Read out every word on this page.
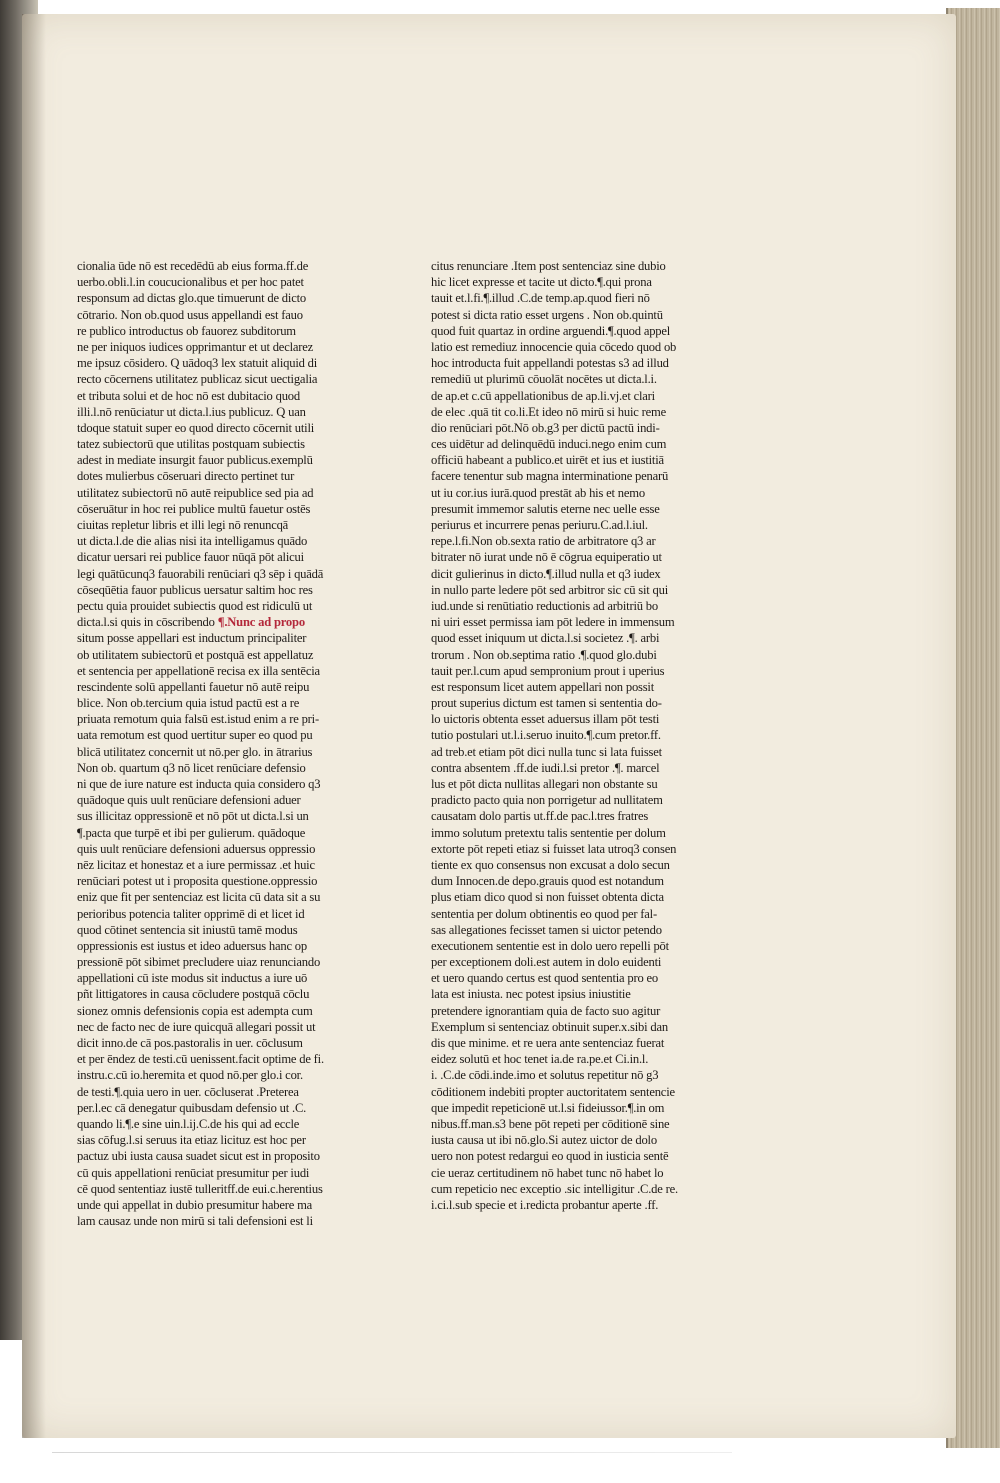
cionalia ūde nō est recedēdū ab eius forma.ff.de
uerbo.obli.l.in coucucionalibus et per hoc patet
responsum ad dictas glo.que timuerunt de dicto
cōtrario. Non ob.quod usus appellandi est fauo
re publico introductus ob fauorez subditorum
ne per iniquos iudices opprimantur et ut declarez
me ipsuz cōsidero. Q uādoq3 lex statuit aliquid di
recto cōcernens utilitatez publicaz sicut uectigalia
et tributa solui et de hoc nō est dubitacio quod
illi.l.nō renūciatur ut dicta.l.ius publicuz. Q uan
tdoque statuit super eo quod directo cōcernit utili
tatez subiectorū que utilitas postquam subiectis
adest in mediate insurgit fauor publicus.exemplū
dotes mulierbus cōseruari directo pertinet tur
utilitatez subiectorū nō autē reipublice sed pia ad
cōseruātur in hoc rei publice multū fauetur ostēs
ciuitas repletur libris et illi legi nō renuncqā
ut dicta.l.de die alias nisi ita intelligamus quādo
dicatur uersari rei publice fauor nūqā pōt alicui
legi quātūcunq3 fauorabili renūciari q3 sēp i quādā
cōseqūētia fauor publicus uersatur saltim hoc res
pectu quia prouidet subiectis quod est ridiculū ut
dicta.l.si quis in cōscribendo ¶.Nunc ad propo
situm posse appellari est inductum principaliter
ob utilitatem subiectorū et postquā est appellatuz
et sentencia per appellationē recisa ex illa sentēcia
rescindente solū appellanti fauetur nō autē reipu
blice. Non ob.tercium quia istud pactū est a re
priuata remotum quia falsū est.istud enim a re pri-
uata remotum est quod uertitur super eo quod pu
blicā utilitatez concernit ut nō.per glo. in ātrarius
Non ob. quartum q3 nō licet renūciare defensio
ni que de iure nature est inducta quia considero q3
quādoque quis uult renūciare defensioni aduer
sus illicitaz oppressionē et nō pōt ut dicta.l.si un
¶.pacta que turpē et ibi per gulierum. quādoque
quis uult renūciare defensioni aduersus oppressio
nēz licitaz et honestaz et a iure permissaz .et huic
renūciari potest ut i proposita questione.oppressio
eniz que fit per sentenciaz est licita cū data sit a su
perioribus potencia taliter opprimē di et licet id
quod cōtinet sentencia sit iniustū tamē modus
oppressionis est iustus et ideo aduersus hanc op
pressionē pōt sibimet precludere uiaz renunciando
appellationi cū iste modus sit inductus a iure uō
pñt littigatores in causa cōcludere postquā cōclu
sionez omnis defensionis copia est adempta cum
nec de facto nec de iure quicquā allegari possit ut
dicit inno.de cā pos.pastoralis in uer. cōclusum
et per ēndez de testi.cū uenissent.facit optime de fi.
instru.c.cū io.heremita et quod nō.per glo.i cor.
de testi.¶.quia uero in uer. cōcluserat .Preterea
per.l.ec cā denegatur quibusdam defensio ut .C.
quando li.¶.e sine uin.l.ij.C.de his qui ad eccle
sias cōfug.l.si seruus ita etiaz licituz est hoc per
pactuz ubi iusta causa suadet sicut est in proposito
cū quis appellationi renūciat presumitur per iudi
cē quod sententiaz iustē tulleritff.de eui.c.herentius
unde qui appellat in dubio presumitur habere ma
lam causaz unde non mirū si tali defensioni est li
citus renunciare .Item post sentenciaz sine dubio
hic licet expresse et tacite ut dicto.¶.qui prona
tauit et.l.fi.¶.illud .C.de temp.ap.quod fieri nō
potest si dicta ratio esset urgens . Non ob.quintū
quod fuit quartaz in ordine arguendi.¶.quod appel
latio est remediuz innocencie quia cōcedo quod ob
hoc introducta fuit appellandi potestas s3 ad illud
remediū ut plurimū cōuolāt nocētes ut dicta.l.i.
de ap.et c.cū appellationibus de ap.li.vj.et clari
de elec .quā tit co.li.Et ideo nō mirū si huic reme
dio renūciari pōt.Nō ob.g3 per dictū pactū indi-
ces uidētur ad delinquēdū induci.nego enim cum
officiū habeant a publico.et uirēt et ius et iustitiā
facere tenentur sub magna interminatione penarū
ut iu cor.ius iurā.quod prestāt ab his et nemo
presumit immemor salutis eterne nec uelle esse
periurus et incurrere penas periuru.C.ad.l.iul.
repe.l.fi.Non ob.sexta ratio de arbitratore q3 ar
bitrater nō iurat unde nō ē cōgrua equiperatio ut
dicit gulierinus in dicto.¶.illud nulla et q3 iudex
in nullo parte ledere pōt sed arbitror sic cū sit qui
iud.unde si renūtiatio reductionis ad arbitriū bo
ni uiri esset permissa iam pōt ledere in immensum
quod esset iniquum ut dicta.l.si societez .¶. arbi
trorum . Non ob.septima ratio .¶.quod glo.dubi
tauit per.l.cum apud sempronium prout i uperius
est responsum licet autem appellari non possit
prout superius dictum est tamen si sententia do-
lo uictoris obtenta esset aduersus illam pōt testi
tutio postulari ut.l.i.seruo inuito.¶.cum pretor.ff.
ad treb.et etiam pōt dici nulla tunc si lata fuisset
contra absentem .ff.de iudi.l.si pretor .¶. marcel
lus et pōt dicta nullitas allegari non obstante su
pradicto pacto quia non porrigetur ad nullitatem
causatam dolo partis ut.ff.de pac.l.tres fratres
immo solutum pretextu talis sententie per dolum
extorte pōt repeti etiaz si fuisset lata utroq3 consen
tiente ex quo consensus non excusat a dolo secun
dum Innocen.de depo.grauis quod est notandum
plus etiam dico quod si non fuisset obtenta dicta
sententia per dolum obtinentis eo quod per fal-
sas allegationes fecisset tamen si uictor petendo
executionem sententie est in dolo uero repelli pōt
per exceptionem doli.est autem in dolo euidenti
et uero quando certus est quod sententia pro eo
lata est iniusta. nec potest ipsius iniustitie
pretendere ignorantiam quia de facto suo agitur
Exemplum si sentenciaz obtinuit super.x.sibi dan
dis que minime. et re uera ante sentenciaz fuerat
eidez solutū et hoc tenet ia.de ra.pe.et Ci.in.l.
i. .C.de cōdi.inde.imo et solutus repetitur nō g3
cōditionem indebiti propter auctoritatem sentencie
que impedit repeticionē ut.l.si fideiussor.¶.in om
nibus.ff.man.s3 bene pōt repeti per cōditionē sine
iusta causa ut ibi nō.glo.Si autez uictor de dolo
uero non potest redargui eo quod in iusticia sentē
cie ueraz certitudinem nō habet tunc nō habet lo
cum repeticio nec exceptio .sic intelligitur .C.de re.
i.ci.l.sub specie et i.redicta probantur aperte .ff.
